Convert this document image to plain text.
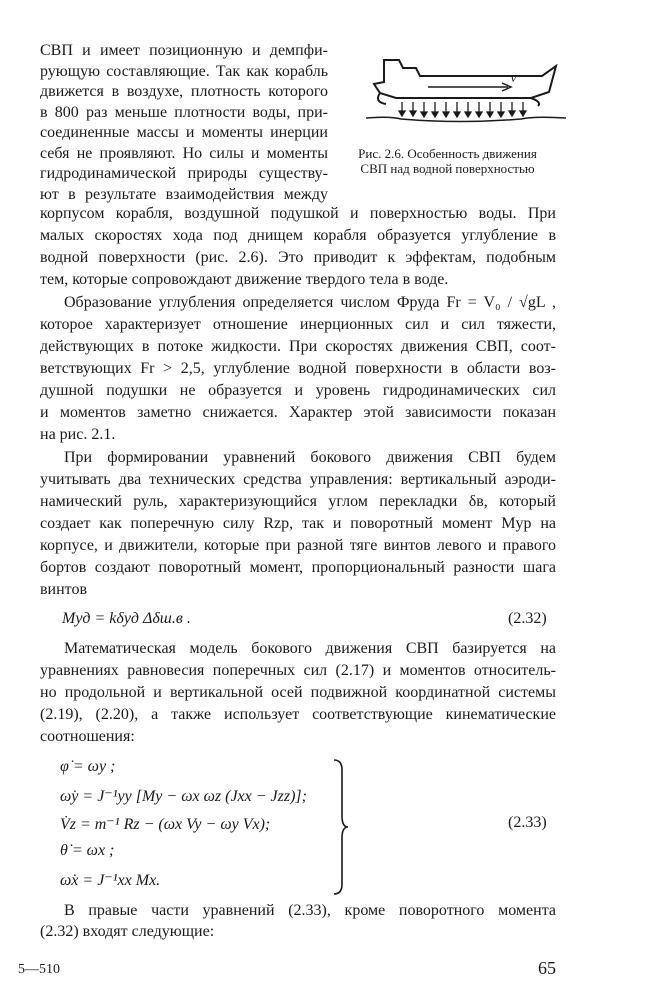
СВП и имеет позиционную и демпфи-
рующую составляющие. Так как корабль
движется в воздухе, плотность которого
в 800 раз меньше плотности воды, при-
соединенные массы и моменты инерции
себя не проявляют. Но силы и моменты
гидродинамической природы существу-
ют в результате взаимодействия между
V
Рис. 2.6. Особенность движения
СВП над водной поверхностью
корпусом корабля, воздушной подушкой и поверхностью воды. При
малых скоростях хода под днищем корабля образуется углубление в
водной поверхности (рис. 2.6). Это приводит к эффектам, подобным
тем, которые сопровождают движение твердого тела в воде.
Образование углубления определяется числом Фруда Fr = V₀ / √gL ,
которое характеризует отношение инерционных сил и сил тяжести,
действующих в потоке жидкости. При скоростях движения СВП, соот-
ветствующих Fr > 2,5, углубление водной поверхности в области воз-
душной подушки не образуется и уровень гидродинамических сил
и моментов заметно снижается. Характер этой зависимости показан
на рис. 2.1.
При формировании уравнений бокового движения СВП будем
учитывать два технических средства управления: вертикальный аэроди-
намический руль, характеризующийся углом перекладки δв, который
создает как поперечную силу Rzр, так и поворотный момент Mуp на
корпусе, и движители, которые при разной тяге винтов левого и правого
бортов создают поворотный момент, пропорциональный разности шага
винтов
Mуд = kδуд Δδш.в .	(2.32)
Математическая модель бокового движения СВП базируется на
уравнениях равновесия поперечных сил (2.17) и моментов относитель-
но продольной и вертикальной осей подвижной координатной системы
(2.19), (2.20), а также использует соответствующие кинематические
соотношения:
φ̇ = ωy ;
ω̇y = J⁻¹yy [My − ωx ωz (Jxx − Jzz)];
V̇z = m⁻¹ Rz − (ωx Vy − ωy Vx);
θ̇ = ωx ;
ω̇x = J⁻¹xx Mx.
(2.33)
В правые части уравнений (2.33), кроме поворотного момента
(2.32) входят следующие:
5—510	65
